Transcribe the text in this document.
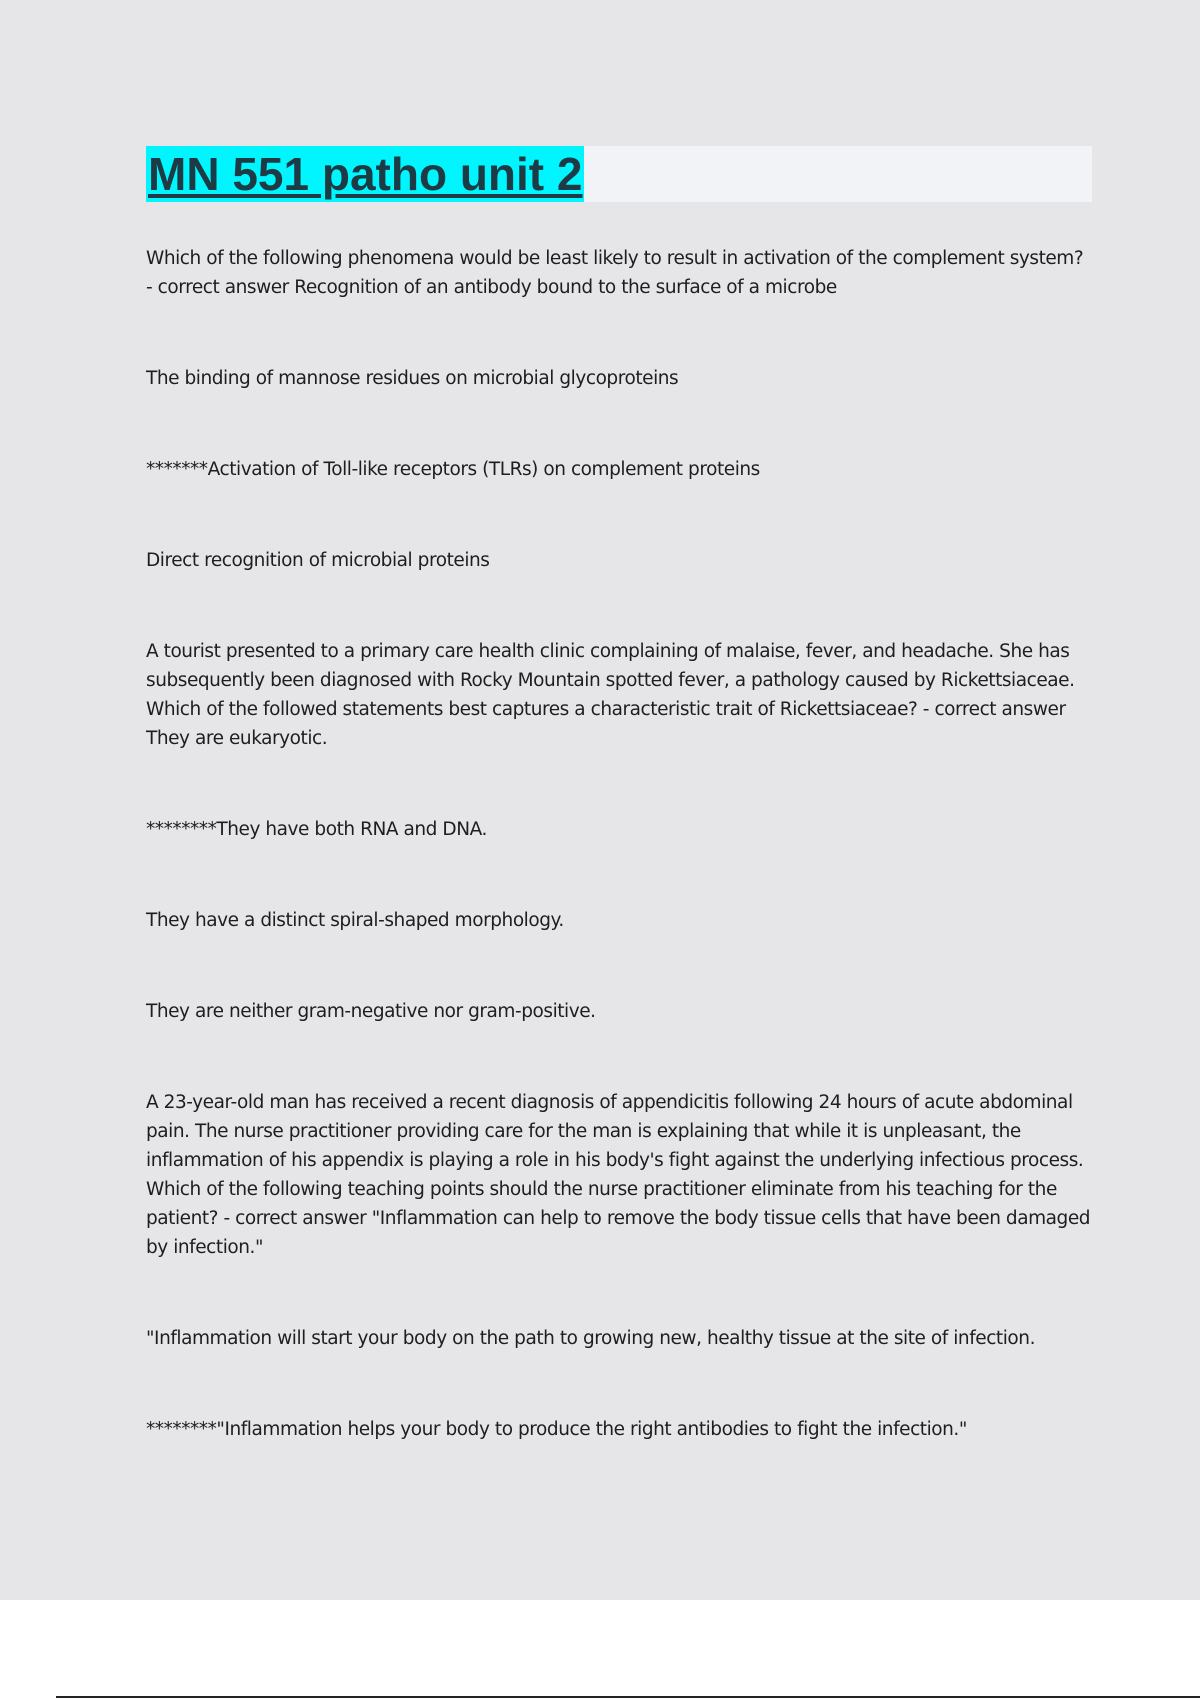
MN 551 patho unit 2

Which of the following phenomena would be least likely to result in activation of the complement system? - correct answer Recognition of an antibody bound to the surface of a microbe

The binding of mannose residues on microbial glycoproteins

*******Activation of Toll-like receptors (TLRs) on complement proteins

Direct recognition of microbial proteins

A tourist presented to a primary care health clinic complaining of malaise, fever, and headache. She has subsequently been diagnosed with Rocky Mountain spotted fever, a pathology caused by Rickettsiaceae. Which of the followed statements best captures a characteristic trait of Rickettsiaceae? - correct answer They are eukaryotic.

********They have both RNA and DNA.

They have a distinct spiral-shaped morphology.

They are neither gram-negative nor gram-positive.

A 23-year-old man has received a recent diagnosis of appendicitis following 24 hours of acute abdominal pain. The nurse practitioner providing care for the man is explaining that while it is unpleasant, the inflammation of his appendix is playing a role in his body's fight against the underlying infectious process. Which of the following teaching points should the nurse practitioner eliminate from his teaching for the patient? - correct answer "Inflammation can help to remove the body tissue cells that have been damaged by infection."

"Inflammation will start your body on the path to growing new, healthy tissue at the site of infection.

********"Inflammation helps your body to produce the right antibodies to fight the infection."
